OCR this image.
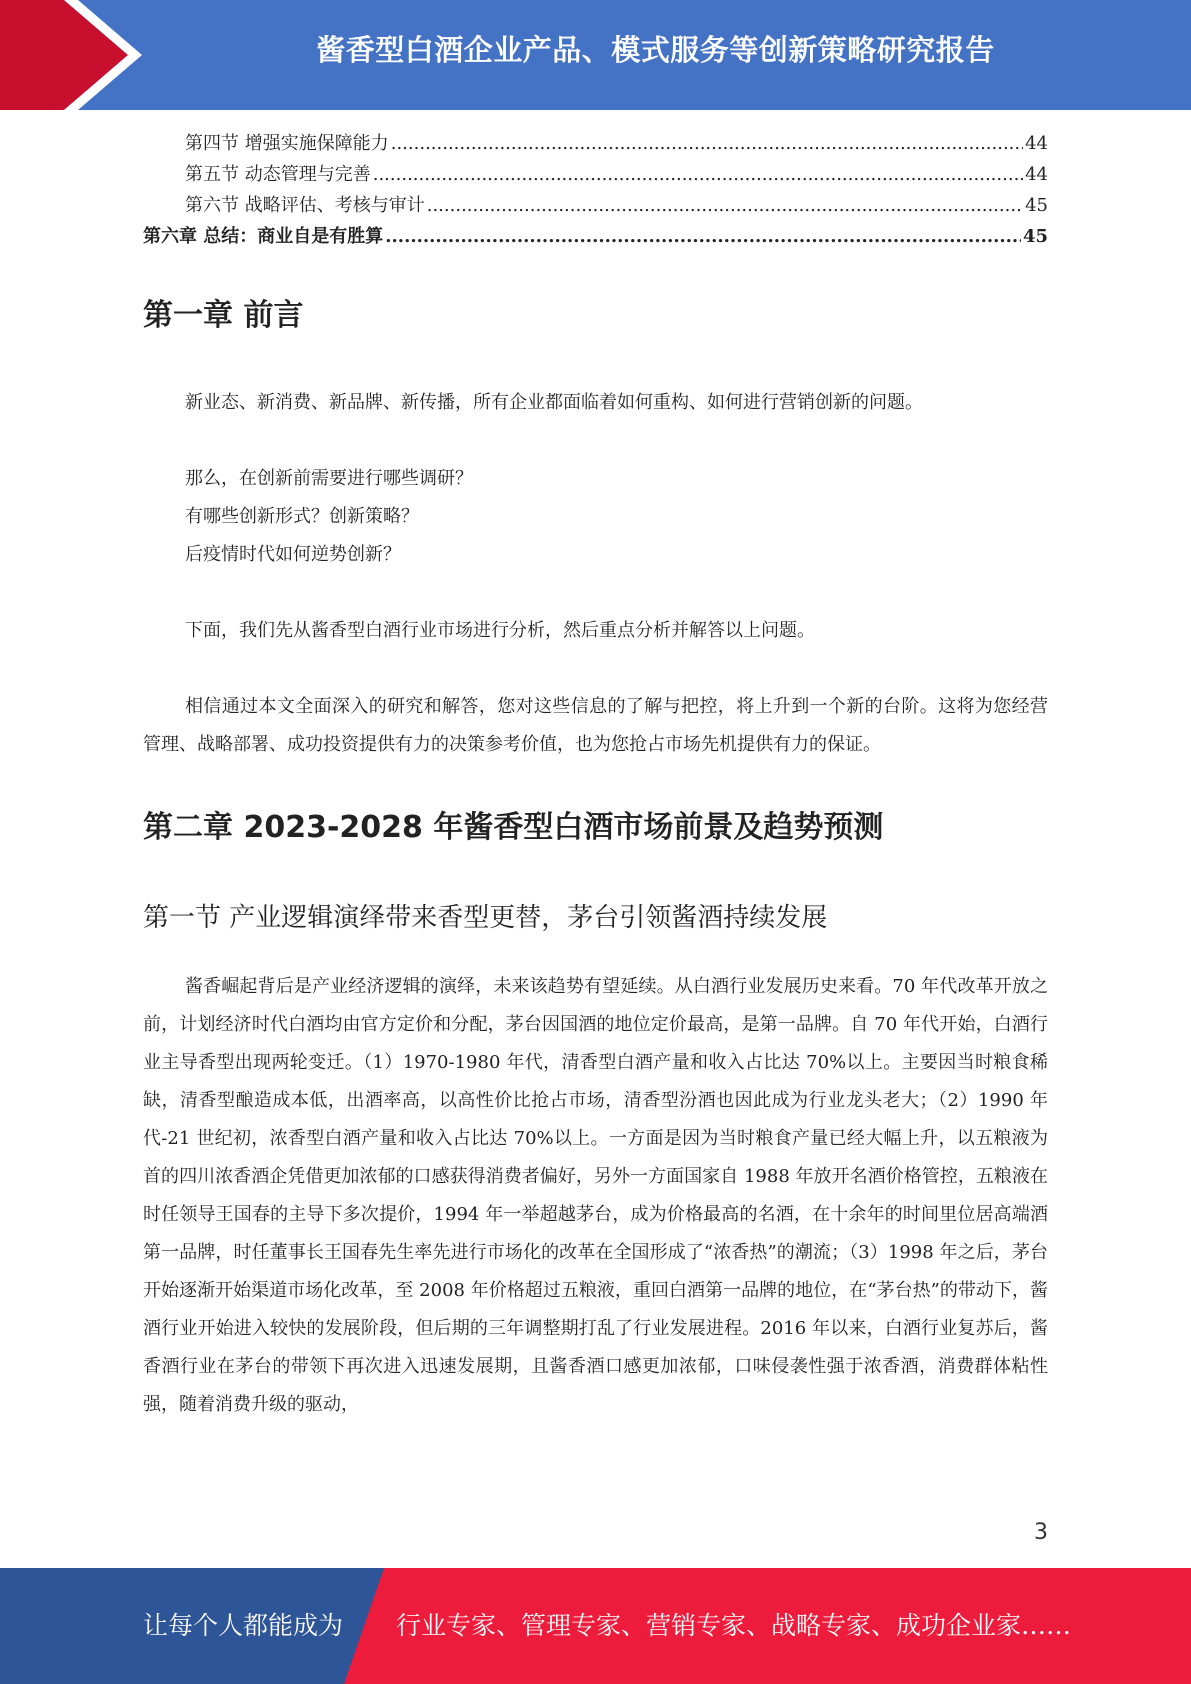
酱香型白酒企业产品、模式服务等创新策略研究报告
第四节 增强实施保障能力 .....	44
第五节 动态管理与完善 .....	44
第六节 战略评估、考核与审计 .....	45
第六章 总结：商业自是有胜算 .....	45
第一章 前言

新业态、新消费、新品牌、新传播，所有企业都面临着如何重构、如何进行营销创新的问题。

那么，在创新前需要进行哪些调研？

有哪些创新形式？创新策略？

后疫情时代如何逆势创新？

下面，我们先从酱香型白酒行业市场进行分析，然后重点分析并解答以上问题。

相信通过本文全面深入的研究和解答，您对这些信息的了解与把控，将上升到一个新的台阶。这将为您经营管理、战略部署、成功投资提供有力的决策参考价值，也为您抢占市场先机提供有力的保证。

第二章 2023-2028 年酱香型白酒市场前景及趋势预测
第一节 产业逻辑演绎带来香型更替，茅台引领酱酒持续发展

酱香崛起背后是产业经济逻辑的演绎，未来该趋势有望延续。从白酒行业发展历史来看。70 年代改革开放之前，计划经济时代白酒均由官方定价和分配，茅台因国酒的地位定价最高，是第一品牌。自 70 年代开始，白酒行业主导香型出现两轮变迁。（1）1970-1980 年代，清香型白酒产量和收入占比达 70%以上。主要因当时粮食稀缺，清香型酿造成本低，出酒率高，以高性价比抢占市场，清香型汾酒也因此成为行业龙头老大；（2）1990 年代-21 世纪初，浓香型白酒产量和收入占比达 70%以上。一方面是因为当时粮食产量已经大幅上升，以五粮液为首的四川浓香酒企凭借更加浓郁的口感获得消费者偏好，另外一方面国家自 1988 年放开名酒价格管控，五粮液在时任领导王国春的主导下多次提价，1994 年一举超越茅台，成为价格最高的名酒，在十余年的时间里位居高端酒第一品牌，时任董事长王国春先生率先进行市场化的改革在全国形成了“浓香热”的潮流；（3）1998 年之后，茅台开始逐渐开始渠道市场化改革，至 2008 年价格超过五粮液，重回白酒第一品牌的地位，在“茅台热”的带动下，酱酒行业开始进入较快的发展阶段，但后期的三年调整期打乱了行业发展进程。2016 年以来，白酒行业复苏后，酱香酒行业在茅台的带领下再次进入迅速发展期，且酱香酒口感更加浓郁，口味侵袭性强于浓香酒，消费群体粘性强，随着消费升级的驱动，

3
让每个人都能成为 行业专家、管理专家、营销专家、战略专家、成功企业家……
